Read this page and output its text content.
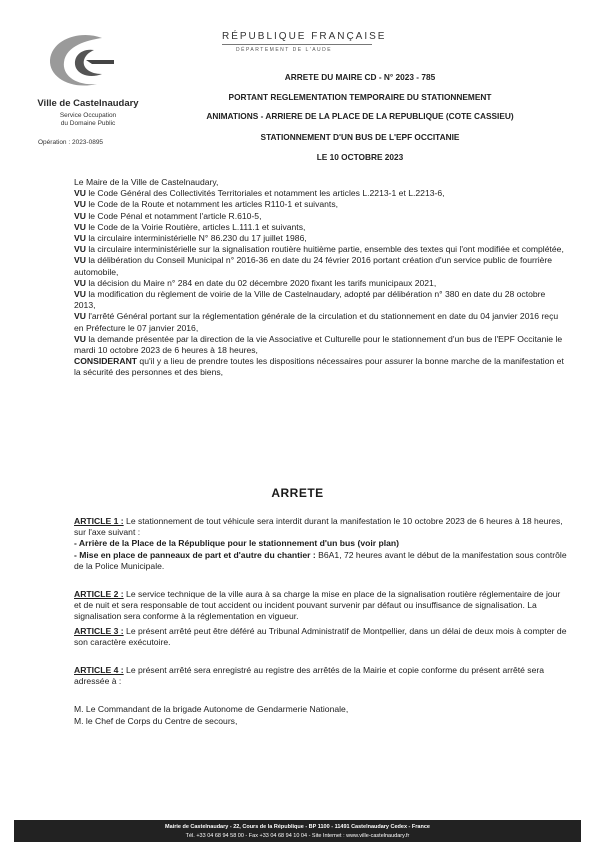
Ville de Castelnaudary
Service Occupation
du Domaine Public
Opération : 2023-0895
RÉPUBLIQUE FRANÇAISE
DÉPARTEMENT DE L'AUDE
ARRETE DU MAIRE CD - N° 2023 - 785
PORTANT REGLEMENTATION TEMPORAIRE DU STATIONNEMENT
ANIMATIONS - ARRIERE DE LA PLACE DE LA REPUBLIQUE (COTE CASSIEU)
STATIONNEMENT D'UN BUS DE L'EPF OCCITANIE
LE 10 OCTOBRE 2023

Le Maire de la Ville de Castelnaudary,

VU le Code Général des Collectivités Territoriales et notamment les articles L.2213-1 et L.2213-6,

VU le Code de la Route et notamment les articles R110-1 et suivants,

VU le Code Pénal et notamment l'article R.610-5,

VU le Code de la Voirie Routière, articles L.111.1 et suivants,

VU la circulaire interministérielle N° 86.230 du 17 juillet 1986,

VU la circulaire interministérielle sur la signalisation routière huitième partie, ensemble des textes qui l'ont modifiée et complétée,

VU la délibération du Conseil Municipal n° 2016-36 en date du 24 février 2016 portant création d'un service public de fourrière automobile,

VU la décision du Maire n° 284 en date du 02 décembre 2020 fixant les tarifs municipaux 2021,

VU la modification du règlement de voirie de la Ville de Castelnaudary, adopté par délibération n° 380 en date du 28 octobre 2013,

VU l'arrêté Général portant sur la réglementation générale de la circulation et du stationnement en date du 04 janvier 2016 reçu en Préfecture le 07 janvier 2016,

VU la demande présentée par la direction de la vie Associative et Culturelle pour le stationnement d'un bus de l'EPF Occitanie le mardi 10 octobre 2023 de 6 heures à 18 heures,

CONSIDERANT qu'il y a lieu de prendre toutes les dispositions nécessaires pour assurer la bonne marche de la manifestation et la sécurité des personnes et des biens,

ARRETE

ARTICLE 1 : Le stationnement de tout véhicule sera interdit durant la manifestation le 10 octobre 2023 de 6 heures à 18 heures, sur l'axe suivant :

- Arrière de la Place de la République pour le stationnement d'un bus (voir plan)

- Mise en place de panneaux de part et d'autre du chantier : B6A1, 72 heures avant le début de la manifestation sous contrôle de la Police Municipale.

ARTICLE 2 : Le service technique de la ville aura à sa charge la mise en place de la signalisation routière réglementaire de jour et de nuit et sera responsable de tout accident ou incident pouvant survenir par défaut ou insuffisance de signalisation. La signalisation sera conforme à la réglementation en vigueur.

ARTICLE 3 : Le présent arrêté peut être déféré au Tribunal Administratif de Montpellier, dans un délai de deux mois à compter de son caractère exécutoire.

ARTICLE 4 : Le présent arrêté sera enregistré au registre des arrêtés de la Mairie et copie conforme du présent arrêté sera adressée à :

M. Le Commandant de la brigade Autonome de Gendarmerie Nationale,

M. le Chef de Corps du Centre de secours,

Mairie de Castelnaudary - 22, Cours de la République - BP 1100 - 11491 Castelnaudary Cedex - France
Tél. +33 04 68 94 58 00 - Fax +33 04 68 94 10 04 - Site Internet : www.ville-castelnaudary.fr
